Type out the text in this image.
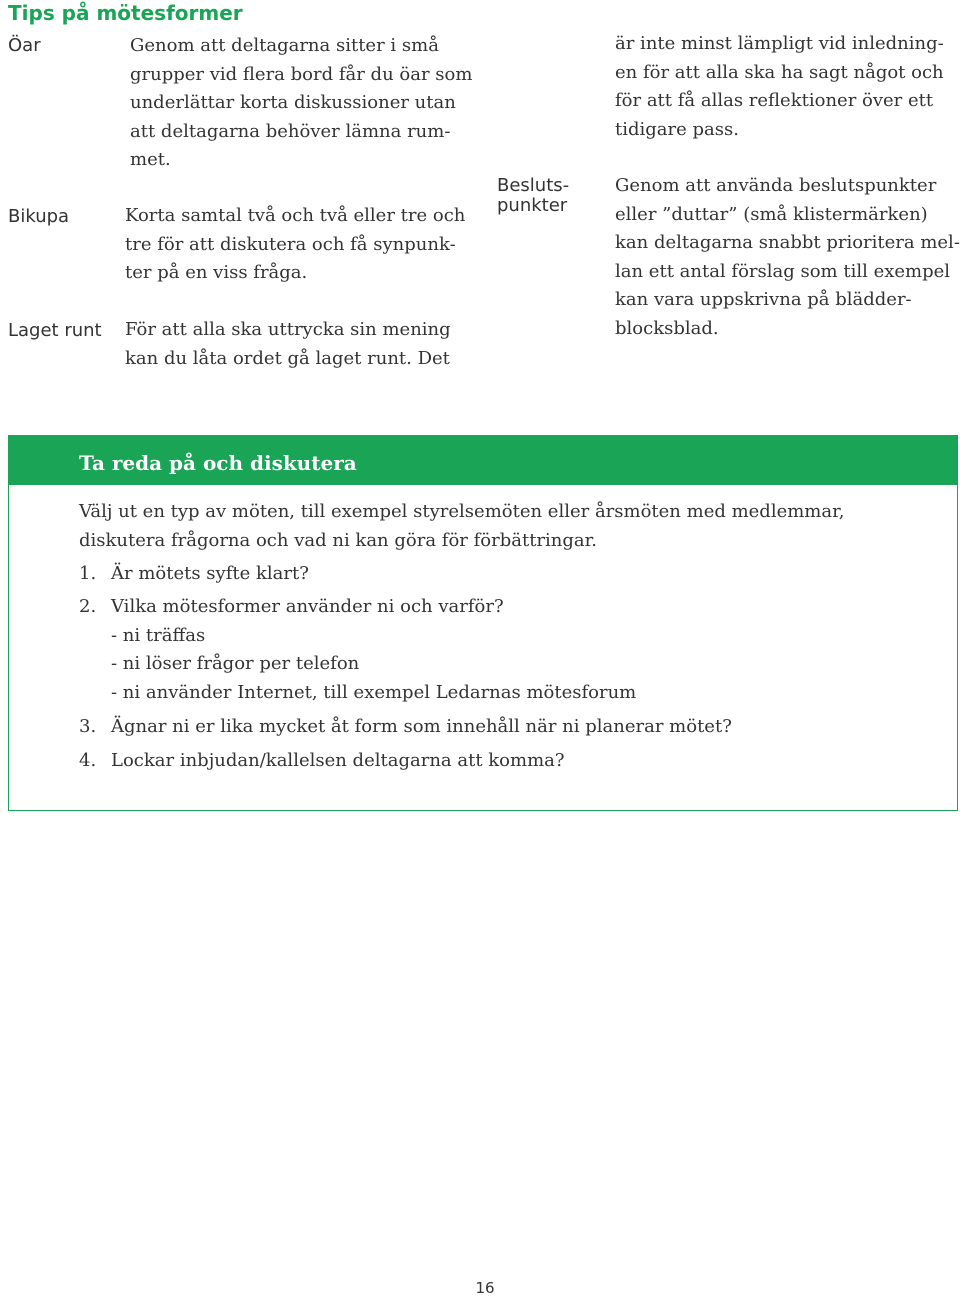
Tips på mötesformer
Öar	Genom att deltagarna sitter i små
grupper vid flera bord får du öar som
underlättar korta diskussioner utan
att deltagarna behöver lämna rum-
met.
Bikupa	Korta samtal två och två eller tre och
tre för att diskutera och få synpunk-
ter på en viss fråga.
Laget runt För att alla ska uttrycka sin mening
kan du låta ordet gå laget runt. Det
är inte minst lämpligt vid inledning-
en för att alla ska ha sagt något och
för att få allas reflektioner över ett
tidigare pass.
Besluts-
punkter
Genom att använda beslutspunkter
eller ”duttar” (små klistermärken)
kan deltagarna snabbt prioritera mel-
lan ett antal förslag som till exempel
kan vara uppskrivna på blädder-
blocksblad.
Ta reda på och diskutera
Välj ut en typ av möten, till exempel styrelsemöten eller årsmöten med medlemmar,
diskutera frågorna och vad ni kan göra för förbättringar.
1. Är mötets syfte klart?
2. Vilka mötesformer använder ni och varför?
- ni träffas
- ni löser frågor per telefon
- ni använder Internet, till exempel Ledarnas mötesforum
3. Ägnar ni er lika mycket åt form som innehåll när ni planerar mötet?
4. Lockar inbjudan/kallelsen deltagarna att komma?
16
